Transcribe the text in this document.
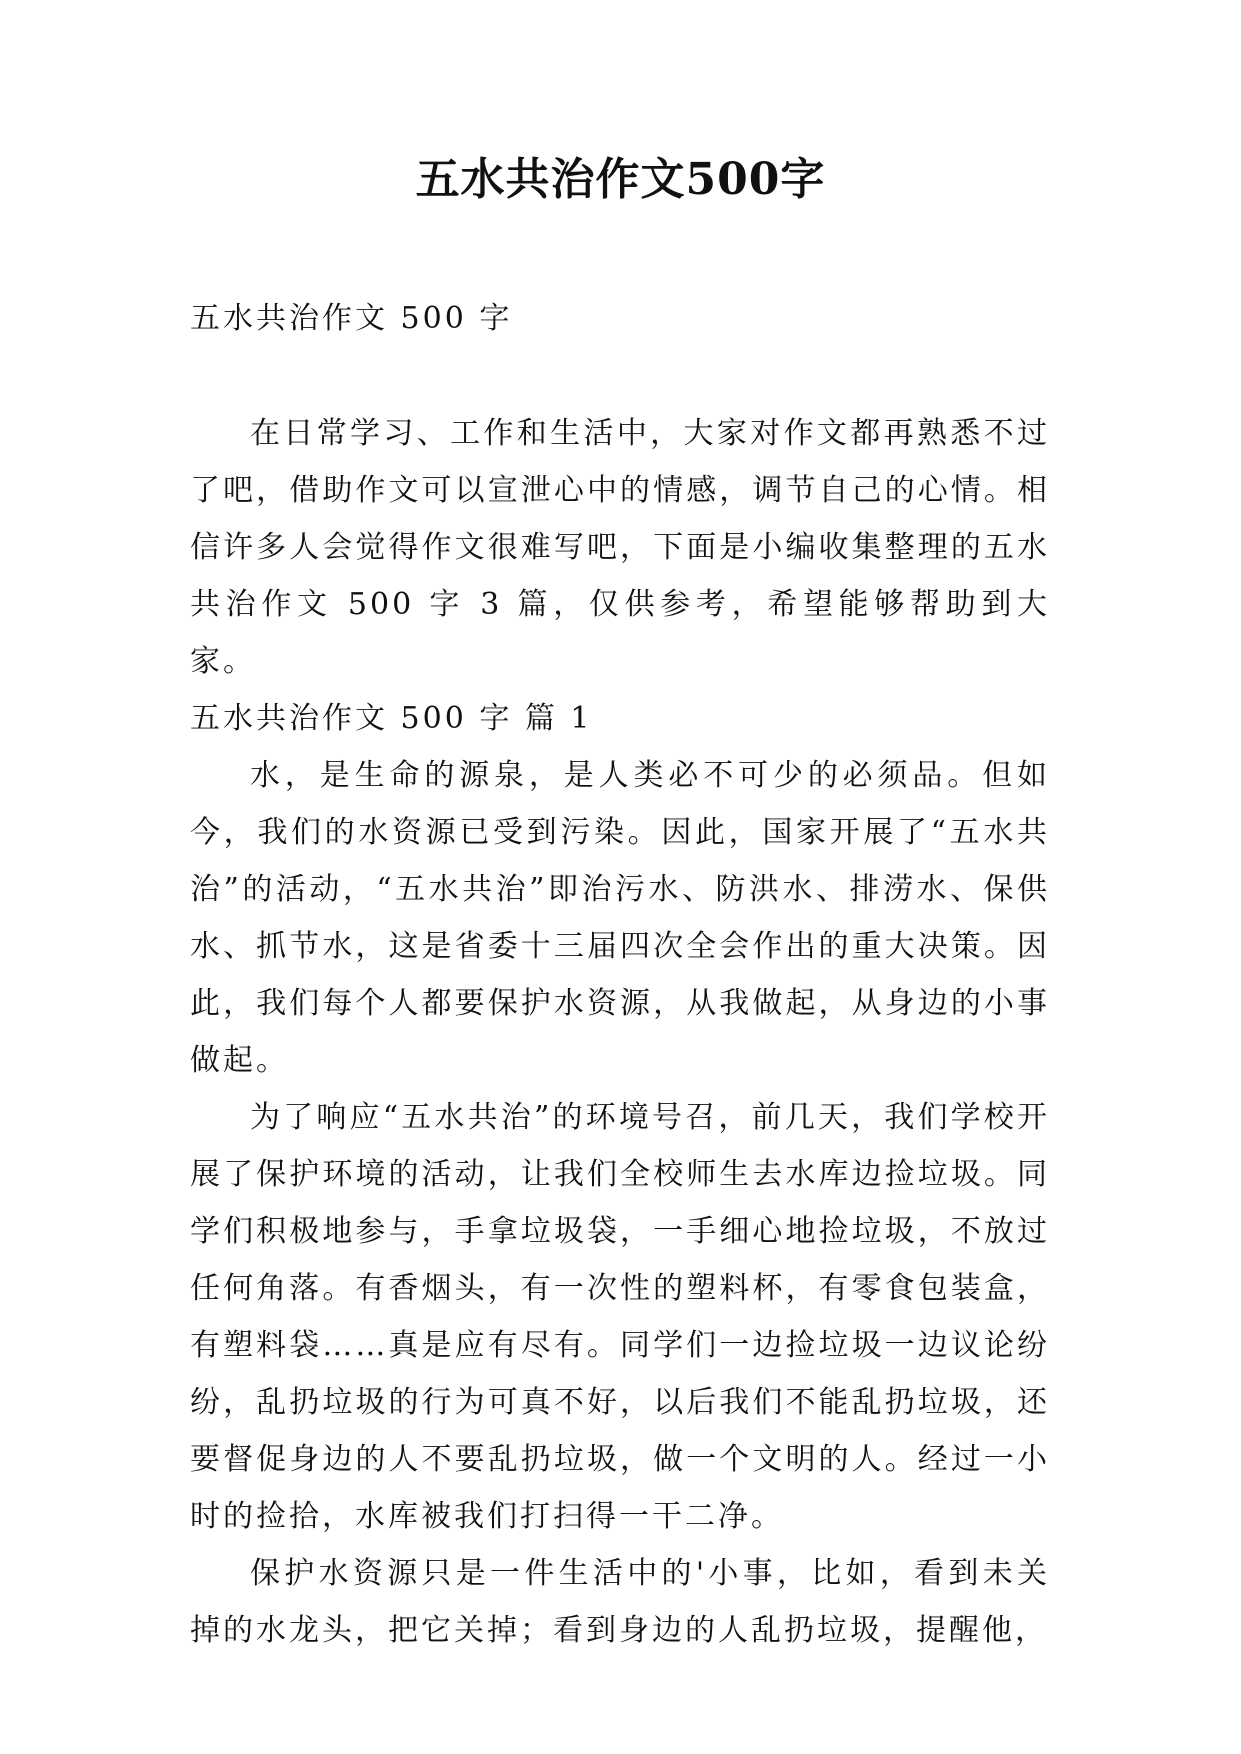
五水共治作文500字

五水共治作文 500 字

在日常学习、工作和生活中，大家对作文都再熟悉不过了吧，借助作文可以宣泄心中的情感，调节自己的心情。相信许多人会觉得作文很难写吧，下面是小编收集整理的五水共治作文 500 字 3 篇，仅供参考，希望能够帮助到大家。

五水共治作文 500 字 篇 1

水，是生命的源泉，是人类必不可少的必须品。但如今，我们的水资源已受到污染。因此，国家开展了“五水共治”的活动，“五水共治”即治污水、防洪水、排涝水、保供水、抓节水，这是省委十三届四次全会作出的重大决策。因此，我们每个人都要保护水资源，从我做起，从身边的小事做起。

为了响应“五水共治”的环境号召，前几天，我们学校开展了保护环境的活动，让我们全校师生去水库边捡垃圾。同学们积极地参与，手拿垃圾袋，一手细心地捡垃圾，不放过任何角落。有香烟头，有一次性的塑料杯，有零食包装盒，有塑料袋……真是应有尽有。同学们一边捡垃圾一边议论纷纷，乱扔垃圾的行为可真不好，以后我们不能乱扔垃圾，还要督促身边的人不要乱扔垃圾，做一个文明的人。经过一小时的捡拾，水库被我们打扫得一干二净。

保护水资源只是一件生活中的'小事，比如，看到未关掉的水龙头，把它关掉；看到身边的人乱扔垃圾，提醒他，
